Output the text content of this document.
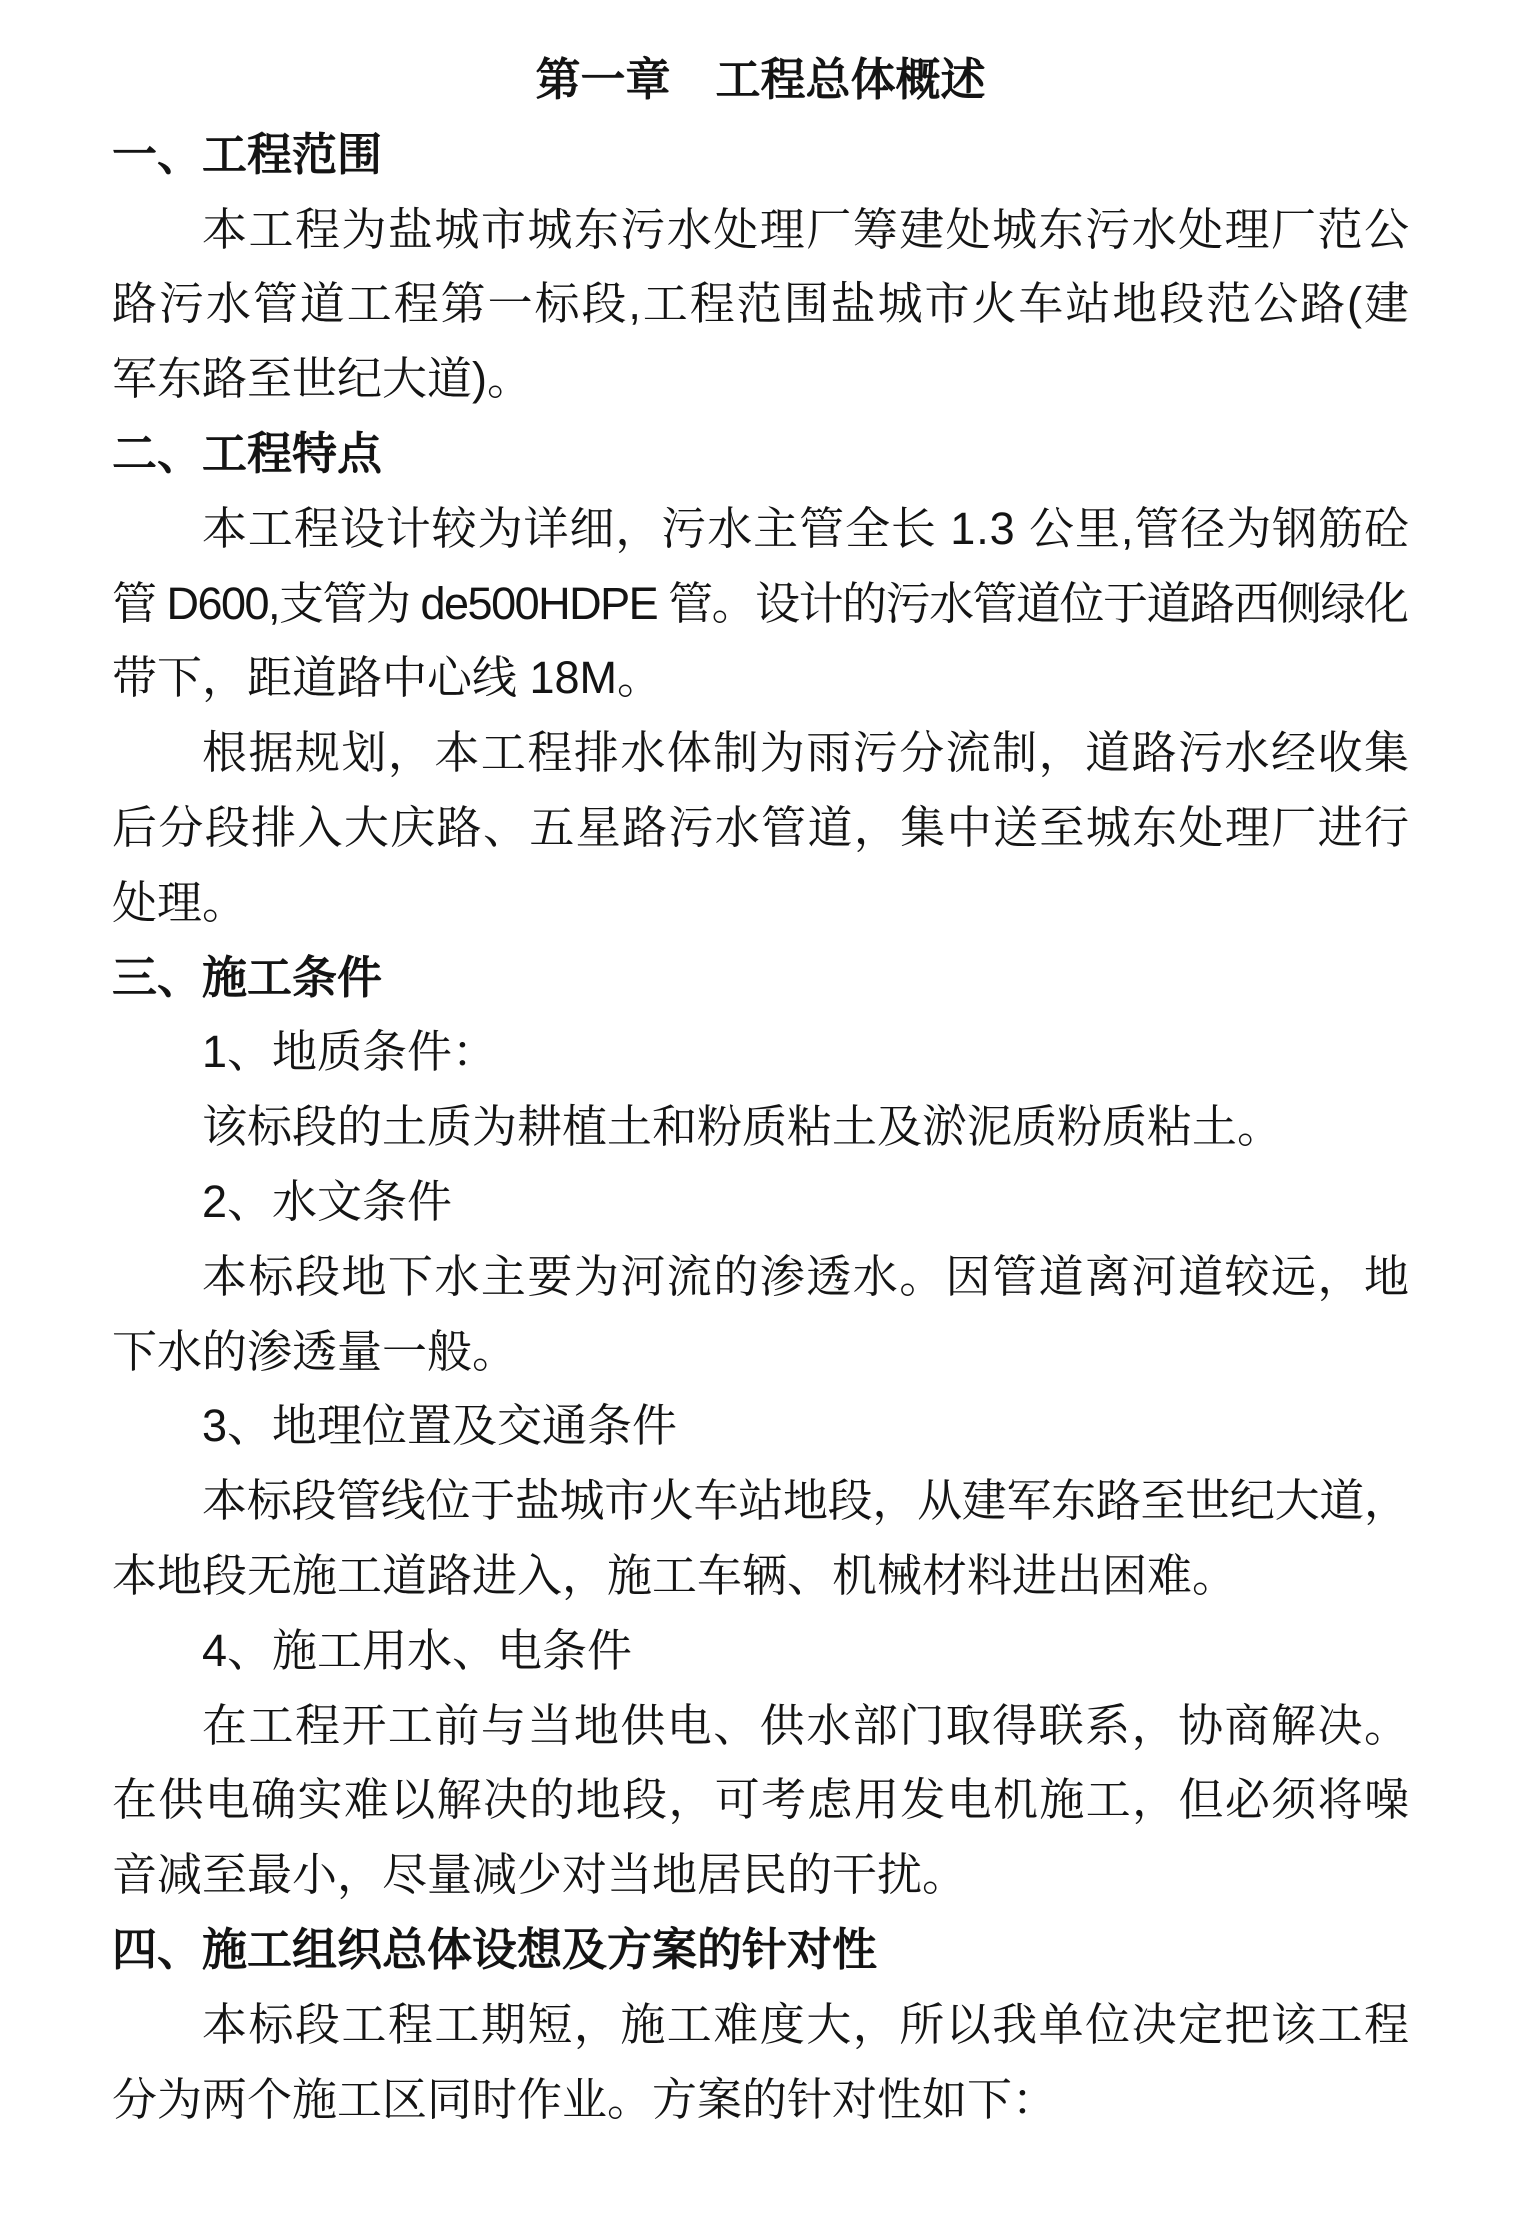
第一章　工程总体概述

一、工程范围

本工程为盐城市城东污水处理厂筹建处城东污水处理厂范公

路污水管道工程第一标段,工程范围盐城市火车站地段范公路(建

军东路至世纪大道)。

二、工程特点

本工程设计较为详细，污水主管全长 1.3 公里,管径为钢筋砼

管 D600,支管为 de500HDPE 管。设计的污水管道位于道路西侧绿化

带下，距道路中心线 18M。

根据规划，本工程排水体制为雨污分流制，道路污水经收集

后分段排入大庆路、五星路污水管道，集中送至城东处理厂进行

处理。

三、施工条件

1、地质条件：

该标段的土质为耕植土和粉质粘土及淤泥质粉质粘土。

2、水文条件

本标段地下水主要为河流的渗透水。因管道离河道较远，地

下水的渗透量一般。

3、地理位置及交通条件

本标段管线位于盐城市火车站地段，从建军东路至世纪大道，

本地段无施工道路进入，施工车辆、机械材料进出困难。

4、施工用水、电条件

在工程开工前与当地供电、供水部门取得联系，协商解决。

在供电确实难以解决的地段，可考虑用发电机施工，但必须将噪

音减至最小，尽量减少对当地居民的干扰。

四、施工组织总体设想及方案的针对性

本标段工程工期短，施工难度大，所以我单位决定把该工程

分为两个施工区同时作业。方案的针对性如下：
